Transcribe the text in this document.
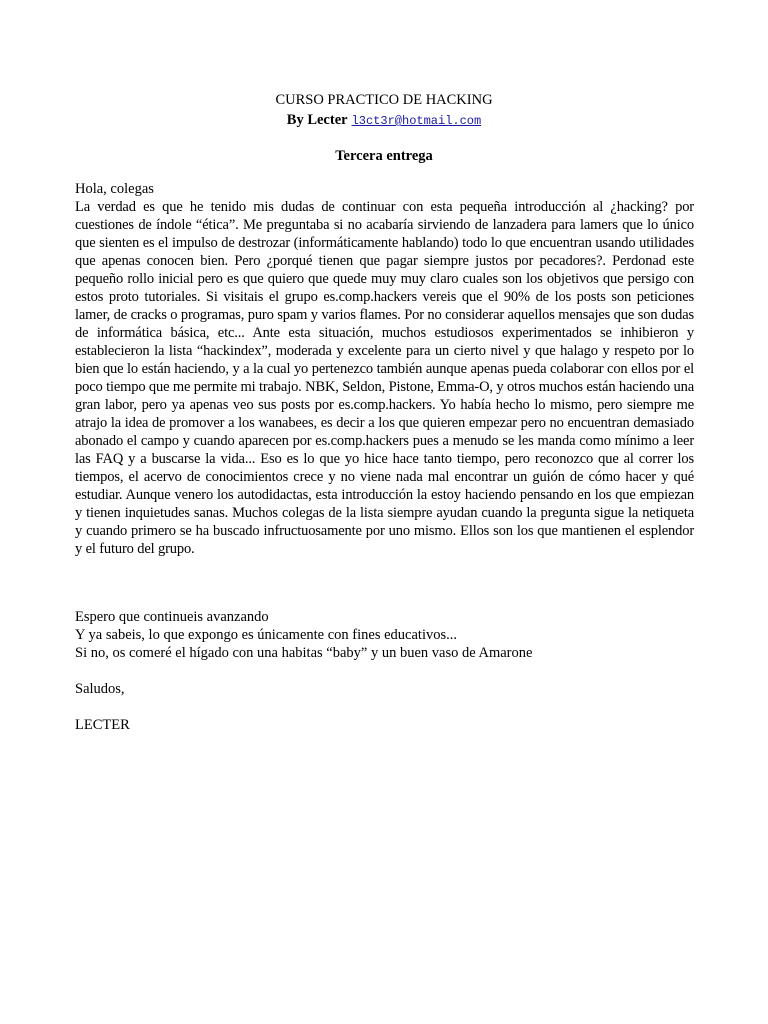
CURSO PRACTICO DE HACKING
By Lecter l3ct3r@hotmail.com
Tercera entrega
Hola, colegas
La verdad es que he tenido mis dudas de continuar con esta pequeña introducción al ¿hacking? por cuestiones de índole “ética”. Me preguntaba si no acabaría sirviendo de lanzadera para lamers que lo único que sienten es el impulso de destrozar (informáticamente hablando) todo lo que encuentran usando utilidades que apenas conocen bien. Pero ¿porqué tienen que pagar siempre justos por pecadores?. Perdonad este pequeño rollo inicial pero es que quiero que quede muy muy claro cuales son los objetivos que persigo con estos proto tutoriales. Si visitais el grupo es.comp.hackers vereis que el 90% de los posts son peticiones lamer, de cracks o programas, puro spam y varios flames. Por no considerar aquellos mensajes que son dudas de informática básica, etc... Ante esta situación, muchos estudiosos experimentados se inhibieron y establecieron la lista “hackindex”, moderada y excelente para un cierto nivel y que halago y respeto por lo bien que lo están haciendo, y a la cual yo pertenezco también aunque apenas pueda colaborar con ellos por el poco tiempo que me permite mi trabajo. NBK, Seldon, Pistone, Emma-O, y otros muchos están haciendo una gran labor, pero ya apenas veo sus posts por es.comp.hackers. Yo había hecho lo mismo, pero siempre me atrajo la idea de promover a los wanabees, es decir a los que quieren empezar pero no encuentran demasiado abonado el campo y cuando aparecen por es.comp.hackers pues a menudo se les manda como mínimo a leer las FAQ y a buscarse la vida... Eso es lo que yo hice hace tanto tiempo, pero reconozco que al correr los tiempos, el acervo de conocimientos crece y no viene nada mal encontrar un guión de cómo hacer y qué estudiar. Aunque venero los autodidactas, esta introducción la estoy haciendo pensando en los que empiezan y tienen inquietudes sanas. Muchos colegas de la lista siempre ayudan cuando la pregunta sigue la netiqueta y cuando primero se ha buscado infructuosamente por uno mismo. Ellos son los que mantienen el esplendor y el futuro del grupo.
Espero que continueis avanzando
Y ya sabeis, lo que expongo es únicamente con fines educativos...
Si no, os comeré el hígado con una habitas “baby” y un buen vaso de Amarone
Saludos,
LECTER
